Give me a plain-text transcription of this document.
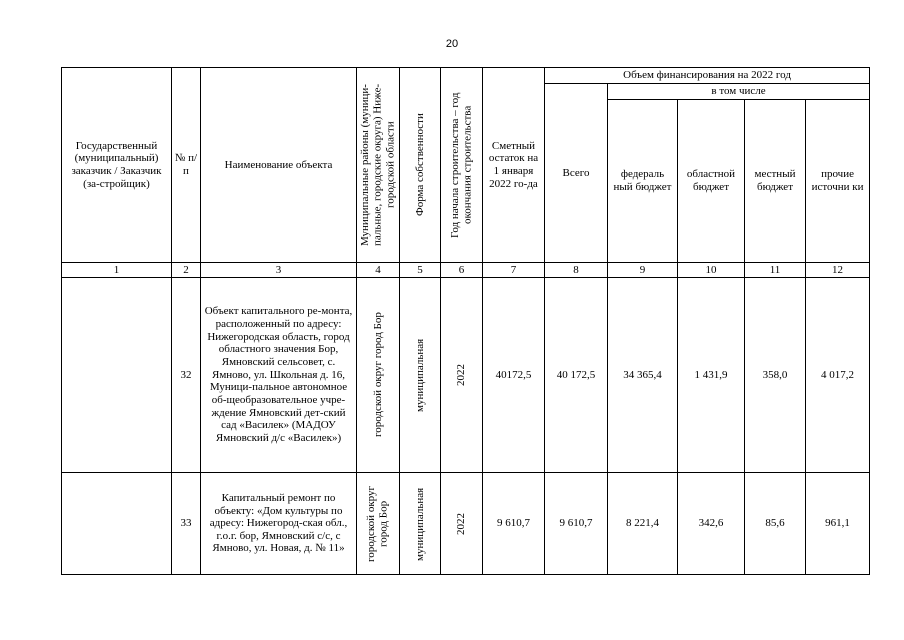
20
Государственный (муниципальный) заказчик / Заказчик (за-стройщик)	№ п/п	Наименование объекта	Муниципальные районы (муници-пальные, городские округа) Ниже-городской области	Форма собственности	Год начала строительства – год окончания строительства	Сметный остаток на 1 января 2022 го-да	Объем финансирования на 2022 год				
							Всего	в том числе			
								федераль ный бюджет	областной бюджет	местный бюджет	прочие источни ки
1	2	3	4	5	6	7	8	9	10	11	12
	32	Объект капитального ре-монта, расположенный по адресу: Нижегородская область, город областного значения Бор, Ямновский сельсовет, с. Ямново, ул. Школьная д. 16, Муници-пальное автономное об-щеобразовательное учре-ждение Ямновский дет-ский сад «Василек» (МАДОУ Ямновский д/с «Василек»)	городской округ город Бор	муниципальная	2022	40172,5	40 172,5	34 365,4	1 431,9	358,0	4 017,2
	33	Капитальный ремонт по объекту: «Дом культуры по адресу: Нижегород-ская обл., г.о.г. бор, Ямновский с/с, с Ямново, ул. Новая, д. № 11»	городской округ город Бор	муниципальная	2022	9 610,7	9 610,7	8 221,4	342,6	85,6	961,1
